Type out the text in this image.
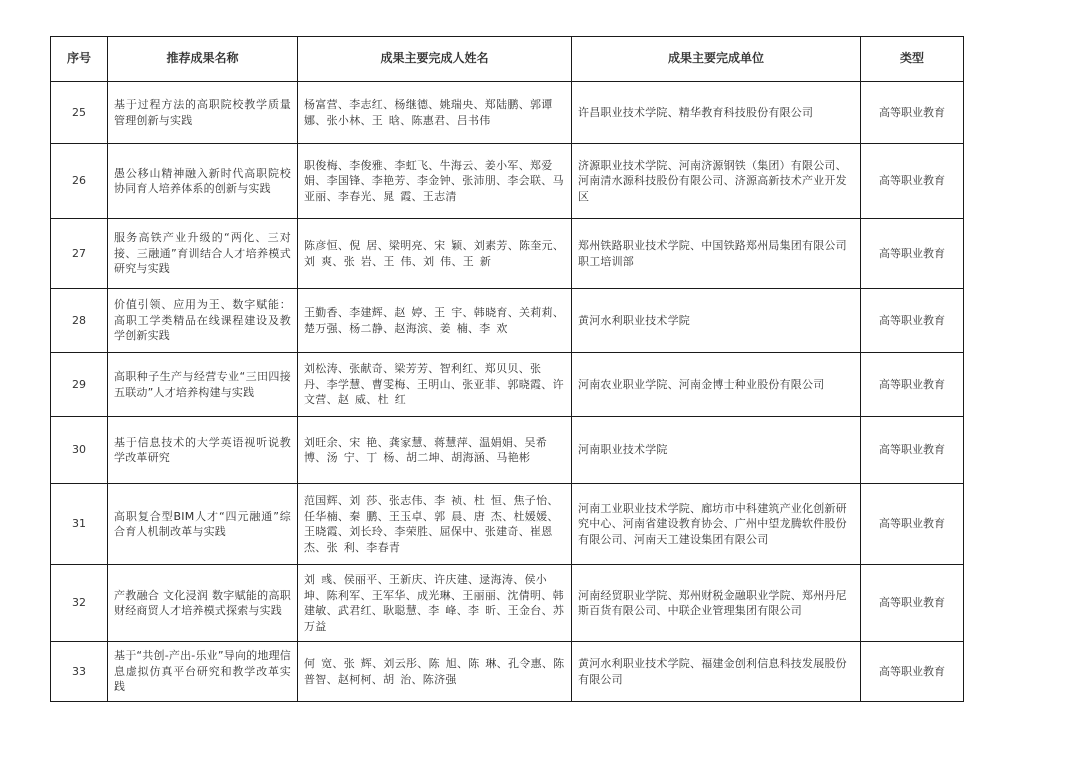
序号	推荐成果名称	成果主要完成人姓名	成果主要完成单位	类型
25	基于过程方法的高职院校教学质量管理创新与实践	杨富营、李志红、杨继德、姚瑞央、郑陆鹏、郭谭娜、张小林、王 晗、陈惠君、吕书伟	许昌职业技术学院、精华教育科技股份有限公司	高等职业教育
26	愚公移山精神融入新时代高职院校协同育人培养体系的创新与实践	职俊梅、李俊雅、李虹飞、牛海云、姜小军、郑爱娟、李国锋、李艳芳、李金钟、张沛朋、李会联、马亚丽、李春光、晁 霞、王志清	济源职业技术学院、河南济源钢铁（集团）有限公司、河南清水源科技股份有限公司、济源高新技术产业开发区	高等职业教育
27	服务高铁产业升级的“两化、三对接、三融通”育训结合人才培养模式研究与实践	陈彦恒、倪 居、梁明亮、宋 颖、刘素芳、陈奎元、刘 爽、张 岩、王 伟、刘 伟、王 新	郑州铁路职业技术学院、中国铁路郑州局集团有限公司职工培训部	高等职业教育
28	价值引领、应用为王、数字赋能：高职工学类精品在线课程建设及教学创新实践	王勤香、李建辉、赵 婷、王 宇、韩晓育、关莉莉、楚万强、杨二静、赵海滨、姜 楠、李 欢	黄河水利职业技术学院	高等职业教育
29	高职种子生产与经营专业“三田四接五联动”人才培养构建与实践	刘松涛、张献奇、梁芳芳、智利红、郑贝贝、张 丹、李学慧、曹雯梅、王明山、张亚菲、郭晓霞、许文营、赵 威、杜 红	河南农业职业学院、河南金博士种业股份有限公司	高等职业教育
30	基于信息技术的大学英语视听说教学改革研究	刘旺余、宋 艳、龚家慧、蒋慧萍、温娟娟、吴希博、汤 宁、丁 杨、胡二坤、胡海涵、马艳彬	河南职业技术学院	高等职业教育
31	高职复合型BIM人才“四元融通”综合育人机制改革与实践	范国辉、刘 莎、张志伟、李 祯、杜 恒、焦子怡、任华楠、秦 鹏、王玉卓、郭 晨、唐 杰、杜媛媛、王晓霞、刘长玲、李荣胜、屈保中、张建奇、崔恩杰、张 利、李春青	河南工业职业技术学院、廊坊市中科建筑产业化创新研究中心、河南省建设教育协会、广州中望龙腾软件股份有限公司、河南天工建设集团有限公司	高等职业教育
32	产教融合 文化浸润 数字赋能的高职财经商贸人才培养模式探索与实践	刘 彧、侯丽平、王新庆、许庆建、逯海涛、侯小坤、陈利军、王军华、成光琳、王丽丽、沈倩明、韩建敏、武君红、耿聪慧、李 峰、李 昕、王金台、苏万益	河南经贸职业学院、郑州财税金融职业学院、郑州丹尼斯百货有限公司、中联企业管理集团有限公司	高等职业教育
33	基于“共创-产出-乐业”导向的地理信息虚拟仿真平台研究和教学改革实践	何 宽、张 辉、刘云彤、陈 旭、陈 琳、孔令惠、陈普智、赵柯柯、胡 治、陈济强	黄河水利职业技术学院、福建金创利信息科技发展股份有限公司	高等职业教育
